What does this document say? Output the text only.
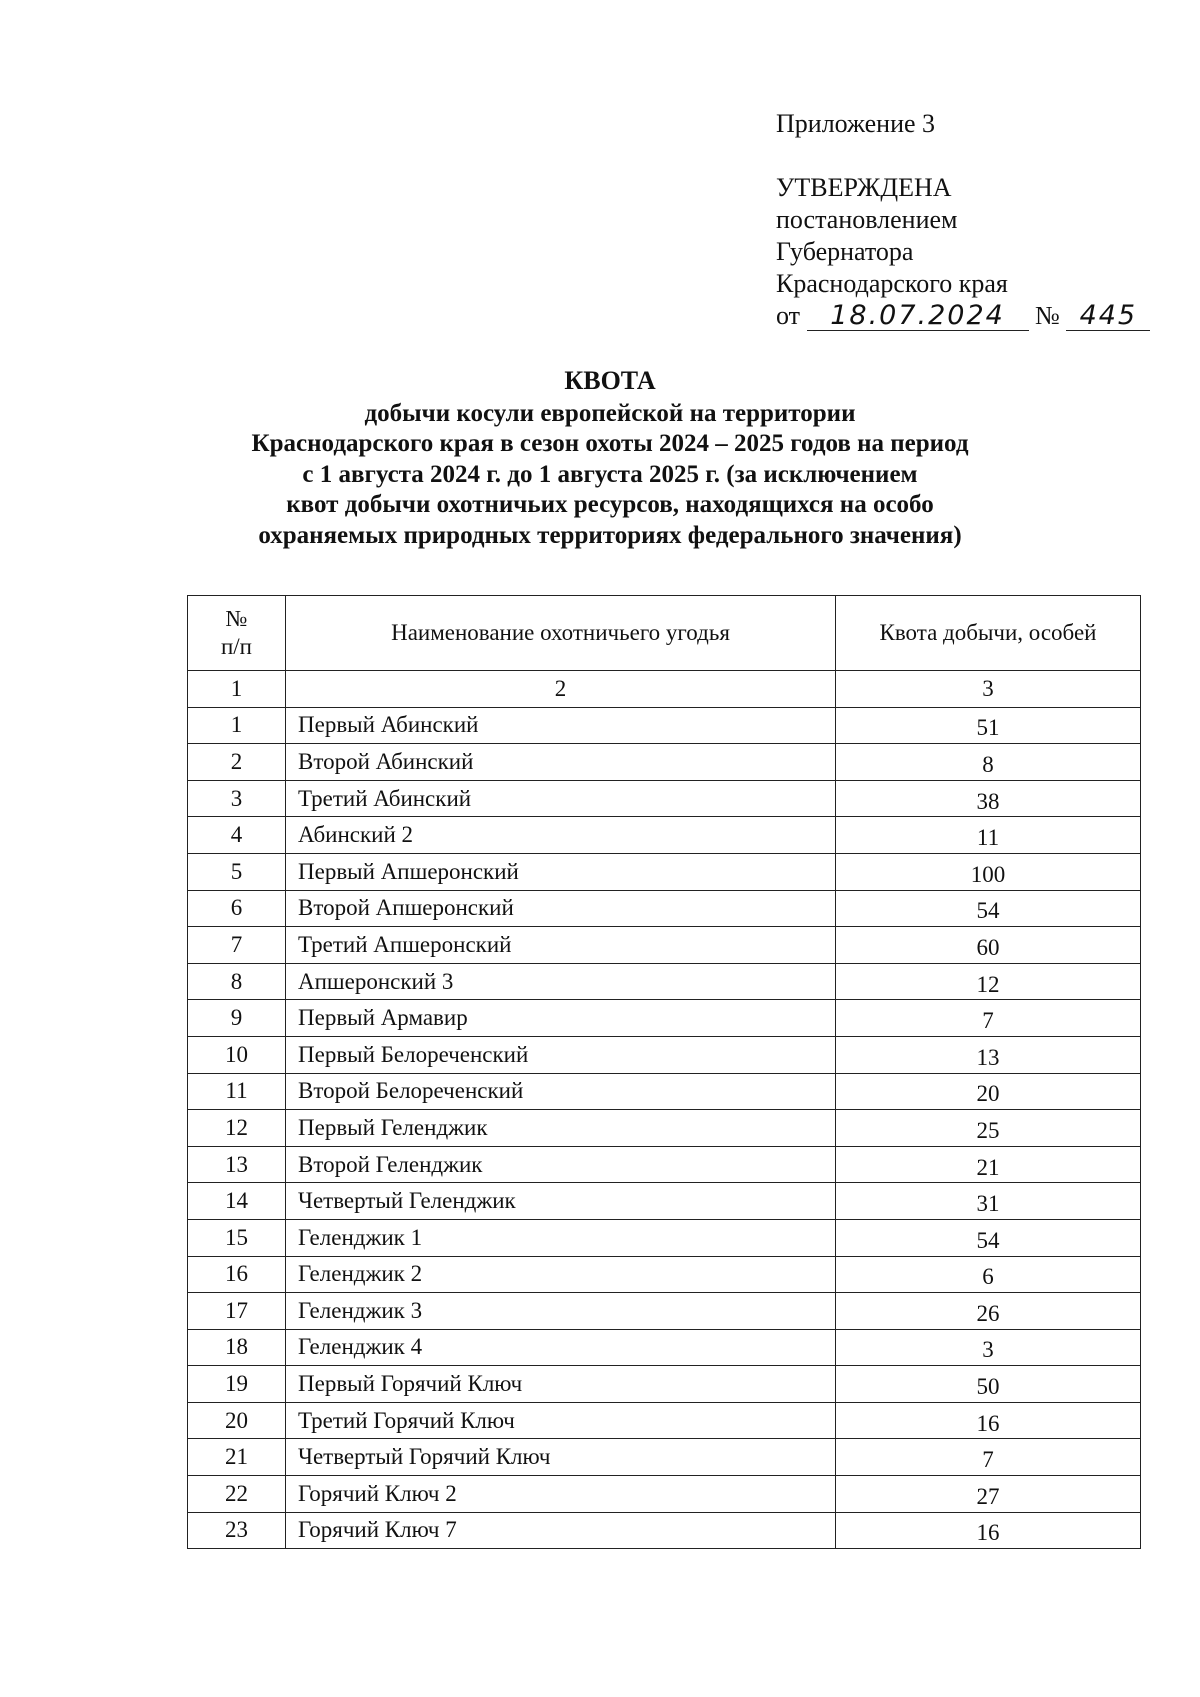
Приложение 3
УТВЕРЖДЕНА
постановлением
Губернатора
Краснодарского края
от 18.07.2024 № 445
КВОТА
добычи косули европейской на территории
Краснодарского края в сезон охоты 2024 – 2025 годов на период
с 1 августа 2024 г. до 1 августа 2025 г. (за исключением
квот добычи охотничьих ресурсов, находящихся на особо
охраняемых природных территориях федерального значения)
№
п/п	Наименование охотничьего угодья	Квота добычи, особей
1	2	3
1	Первый Абинский	51
2	Второй Абинский	8
3	Третий Абинский	38
4	Абинский 2	11
5	Первый Апшеронский	100
6	Второй Апшеронский	54
7	Третий Апшеронский	60
8	Апшеронский 3	12
9	Первый Армавир	7
10	Первый Белореченский	13
11	Второй Белореченский	20
12	Первый Геленджик	25
13	Второй Геленджик	21
14	Четвертый Геленджик	31
15	Геленджик 1	54
16	Геленджик 2	6
17	Геленджик 3	26
18	Геленджик 4	3
19	Первый Горячий Ключ	50
20	Третий Горячий Ключ	16
21	Четвертый Горячий Ключ	7
22	Горячий Ключ 2	27
23	Горячий Ключ 7	16
